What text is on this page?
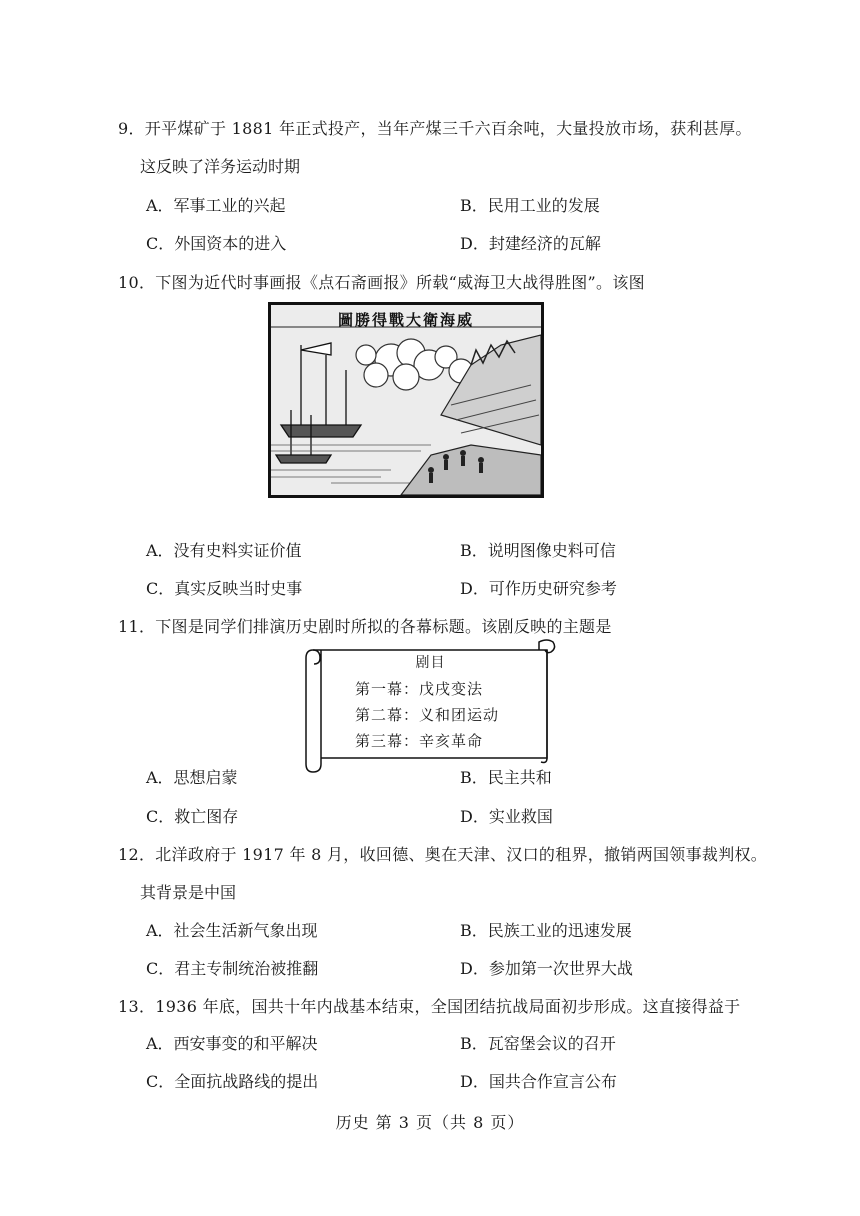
9．开平煤矿于 1881 年正式投产，当年产煤三千六百余吨，大量投放市场，获利甚厚。
这反映了洋务运动时期
A．军事工业的兴起	B．民用工业的发展
C．外国资本的进入	D．封建经济的瓦解
10．下图为近代时事画报《点石斋画报》所载“威海卫大战得胜图”。该图
圖勝得戰大衛海威
A．没有史料实证价值	B．说明图像史料可信
C．真实反映当时史事	D．可作历史研究参考
11．下图是同学们排演历史剧时所拟的各幕标题。该剧反映的主题是
剧目
第一幕：戊戌变法
第二幕：义和团运动
第三幕：辛亥革命
A．思想启蒙	B．民主共和
C．救亡图存	D．实业救国
12．北洋政府于 1917 年 8 月，收回德、奥在天津、汉口的租界，撤销两国领事裁判权。
其背景是中国
A．社会生活新气象出现	B．民族工业的迅速发展
C．君主专制统治被推翻	D．参加第一次世界大战
13．1936 年底，国共十年内战基本结束，全国团结抗战局面初步形成。这直接得益于
A．西安事变的和平解决	B．瓦窑堡会议的召开
C．全面抗战路线的提出	D．国共合作宣言公布
历史 第 3 页（共 8 页）
